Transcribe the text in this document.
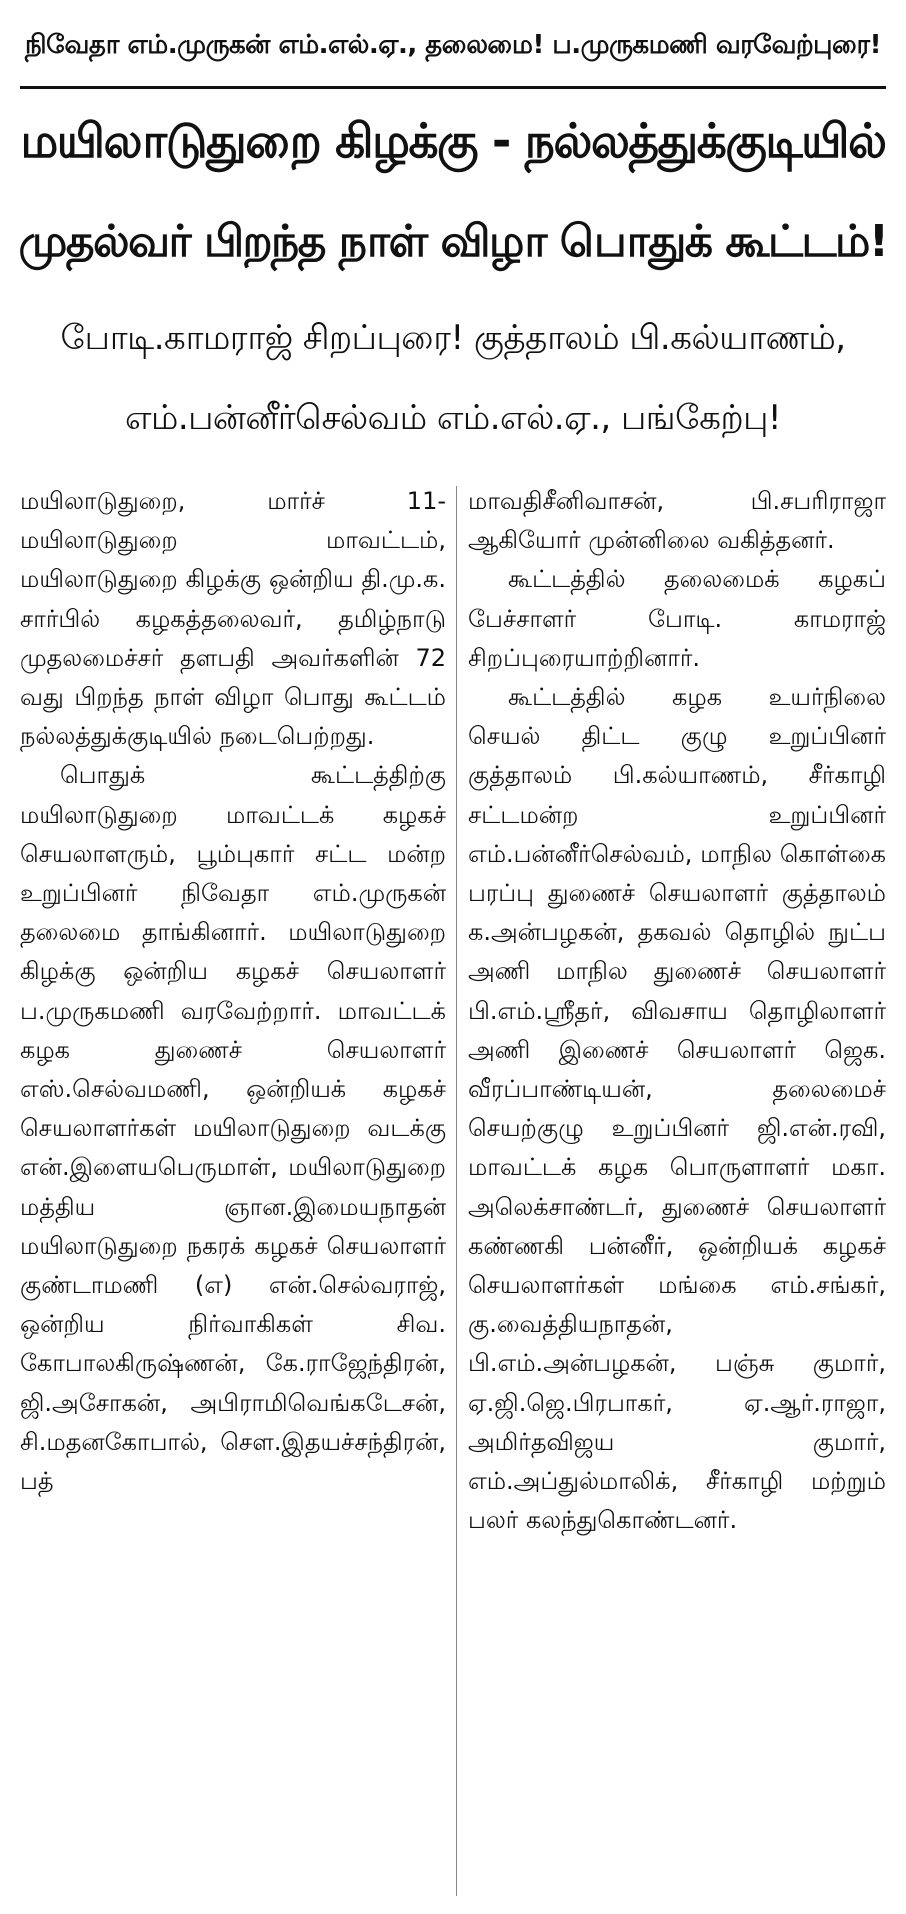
நிவேதா எம்.முருகன் எம்.எல்.ஏ., தலைமை! ப.முருகமணி வரவேற்புரை!
மயிலாடுதுறை கிழக்கு - நல்லத்துக்குடியில்
முதல்வர் பிறந்த நாள் விழா பொதுக் கூட்டம்!
போடி.காமராஜ் சிறப்புரை! குத்தாலம் பி.கல்யாணம்,
எம்.பன்னீர்செல்வம் எம்.எல்.ஏ., பங்கேற்பு!

மயிலாடுதுறை, மார்ச் 11- மயிலாடுதுறை மாவட்டம், மயிலாடுதுறை கிழக்கு ஒன்றிய தி.மு.க. சார்பில் கழகத்தலைவர், தமிழ்நாடு முதலமைச்சர் தளபதி அவர்களின் 72 வது பிறந்த நாள் விழா பொது கூட்டம் நல்லத்துக்குடியில் நடைபெற்றது.

பொதுக் கூட்டத்திற்கு மயிலாடுதுறை மாவட்டக் கழகச் செயலாளரும், பூம்புகார் சட்ட மன்ற உறுப்பினர் நிவேதா எம்.முருகன் தலைமை தாங்கினார். மயிலாடுதுறை கிழக்கு ஒன்றிய கழகச் செயலாளர் ப.முருகமணி வரவேற்றார். மாவட்டக் கழக துணைச் செயலாளர் எஸ்.செல்வமணி, ஒன்றியக் கழகச் செயலாளர்கள் மயிலாடுதுறை வடக்கு என்.இளையபெருமாள், மயிலாடுதுறை மத்திய ஞான.இமையநாதன் மயிலாடுதுறை நகரக் கழகச் செயலாளர் குண்டாமணி (எ) என்.செல்வராஜ், ஒன்றிய நிர்வாகிகள் சிவ. கோபாலகிருஷ்ணன், கே.ராஜேந்திரன், ஜி.அசோகன், அபிராமிவெங்கடேசன், சி.மதனகோபால், சௌ.இதயச்சந்திரன், பத்

மாவதிசீனிவாசன், பி.சபரிராஜா ஆகியோர் முன்னிலை வகித்தனர்.

கூட்டத்தில் தலைமைக் கழகப் பேச்சாளர் போடி. காமராஜ் சிறப்புரையாற்றினார்.

கூட்டத்தில் கழக உயர்நிலை செயல் திட்ட குழு உறுப்பினர் குத்தாலம் பி.கல்யாணம், சீர்காழி சட்டமன்ற உறுப்பினர் எம்.பன்னீர்செல்வம், மாநில கொள்கை பரப்பு துணைச் செயலாளர் குத்தாலம் க.அன்பழகன், தகவல் தொழில் நுட்ப அணி மாநில துணைச் செயலாளர் பி.எம்.ஸ்ரீதர், விவசாய தொழிலாளர் அணி இணைச் செயலாளர் ஜெக. வீரப்பாண்டியன், தலைமைச் செயற்குழு உறுப்பினர் ஜி.என்.ரவி, மாவட்டக் கழக பொருளாளர் மகா. அலெக்சாண்டர், துணைச் செயலாளர் கண்ணகி பன்னீர், ஒன்றியக் கழகச் செயலாளர்கள் மங்கை எம்.சங்கர், கு.வைத்தியநாதன், பி.எம்.அன்பழகன், பஞ்சு குமார், ஏ.ஜி.ஜெ.பிரபாகர், ஏ.ஆர்.ராஜா, அமிர்தவிஜய குமார், எம்.அப்துல்மாலிக், சீர்காழி மற்றும் பலர் கலந்துகொண்டனர்.
